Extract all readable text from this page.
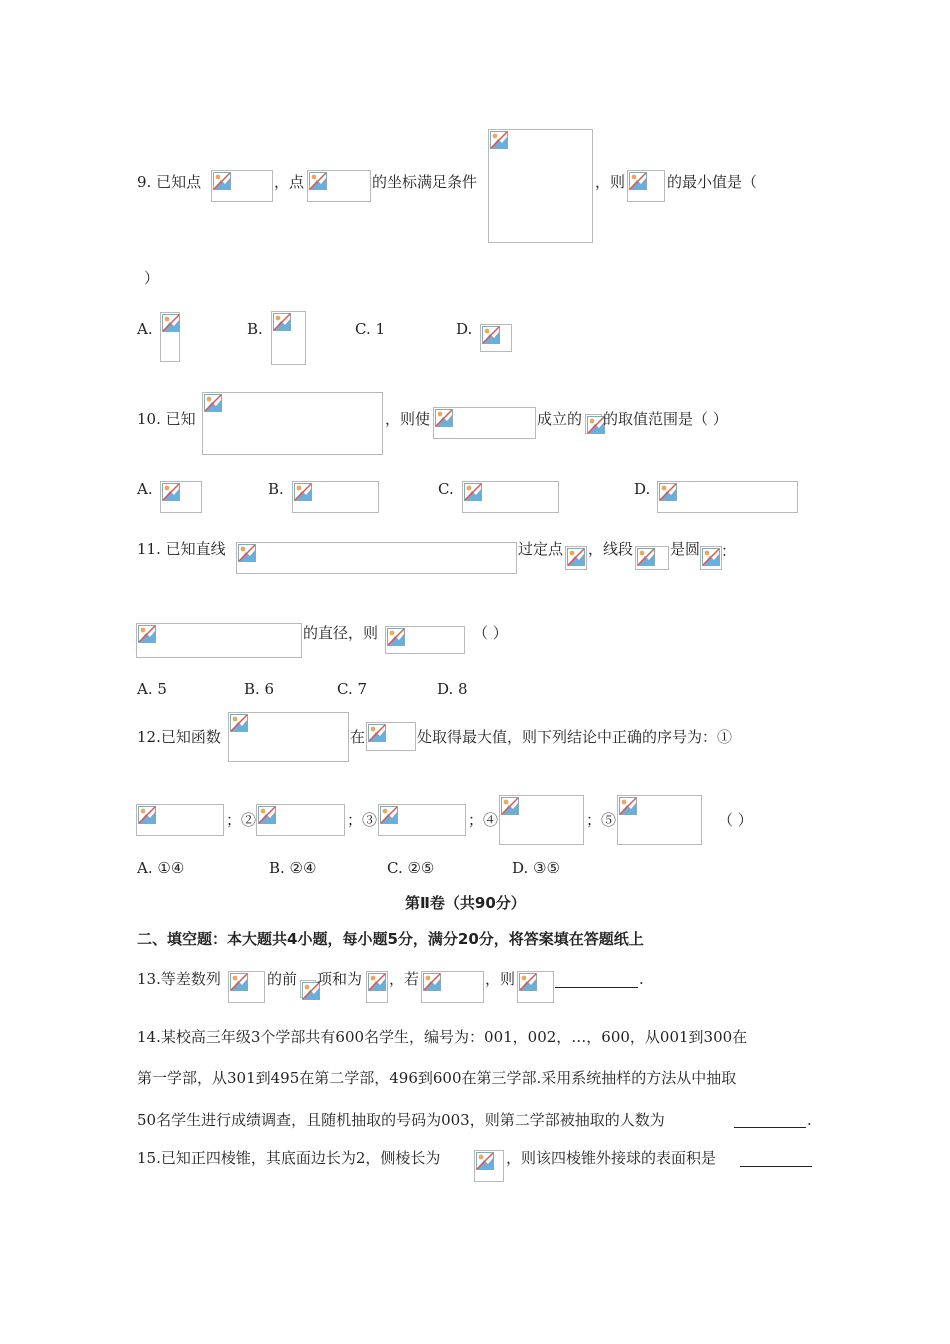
9. 已知点	，点	的坐标满足条件	，则	的最小值是（
）
A.	B.	C. 1	D.
10. 已知	，则使	成立的 的取值范围是（ ）
A.	B.	C.	D.
11. 已知直线	过定点 ，线段 是圆 ：
的直径，则	（ ）
A. 5	B. 6	C. 7	D. 8
12.已知函数	在	处取得最大值，则下列结论中正确的序号为：①
；②	；③	；④	；⑤	（ ）
A. ①④	B. ②④	C. ②⑤	D. ③⑤
第Ⅱ卷（共90分）
二、填空题：本大题共4小题，每小题5分，满分20分，将答案填在答题纸上
13.等差数列	的前 项和为 ，若	，则	.
14.某校高三年级3个学部共有600名学生，编号为：001，002，…，600，从001到300在
第一学部，从301到495在第二学部，496到600在第三学部.采用系统抽样的方法从中抽取
50名学生进行成绩调查，且随机抽取的号码为003，则第二学部被抽取的人数为	.
15.已知正四棱锥，其底面边长为2，侧棱长为	，则该四棱锥外接球的表面积是
